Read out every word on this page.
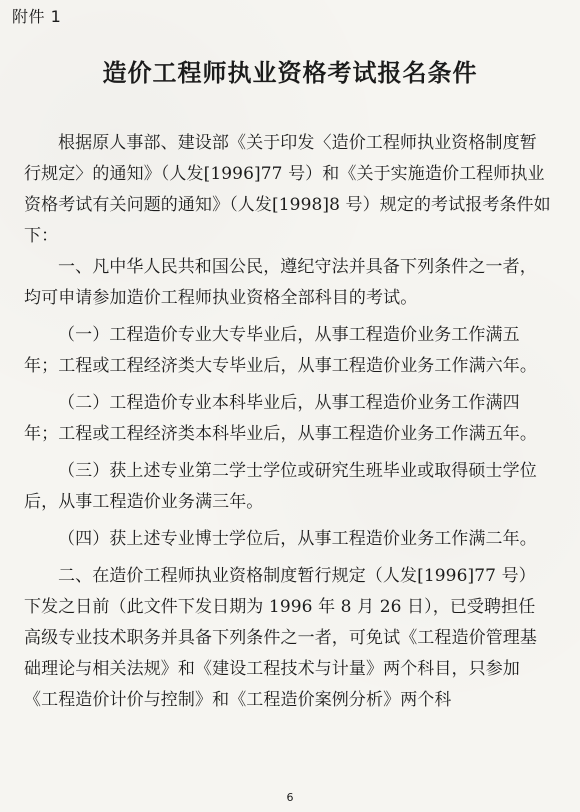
附件 1
造价工程师执业资格考试报名条件

根据原人事部、建设部《关于印发〈造价工程师执业资格制度暂行规定〉的通知》（人发[1996]77 号）和《关于实施造价工程师执业资格考试有关问题的通知》（人发[1998]8 号）规定的考试报考条件如下：

一、凡中华人民共和国公民，遵纪守法并具备下列条件之一者，均可申请参加造价工程师执业资格全部科目的考试。

（一）工程造价专业大专毕业后，从事工程造价业务工作满五年；工程或工程经济类大专毕业后，从事工程造价业务工作满六年。

（二）工程造价专业本科毕业后，从事工程造价业务工作满四年；工程或工程经济类本科毕业后，从事工程造价业务工作满五年。

（三）获上述专业第二学士学位或研究生班毕业或取得硕士学位后，从事工程造价业务满三年。

（四）获上述专业博士学位后，从事工程造价业务工作满二年。

二、在造价工程师执业资格制度暂行规定（人发[1996]77 号）下发之日前（此文件下发日期为 1996 年 8 月 26 日），已受聘担任高级专业技术职务并具备下列条件之一者，可免试《工程造价管理基础理论与相关法规》和《建设工程技术与计量》两个科目，只参加《工程造价计价与控制》和《工程造价案例分析》两个科

6
